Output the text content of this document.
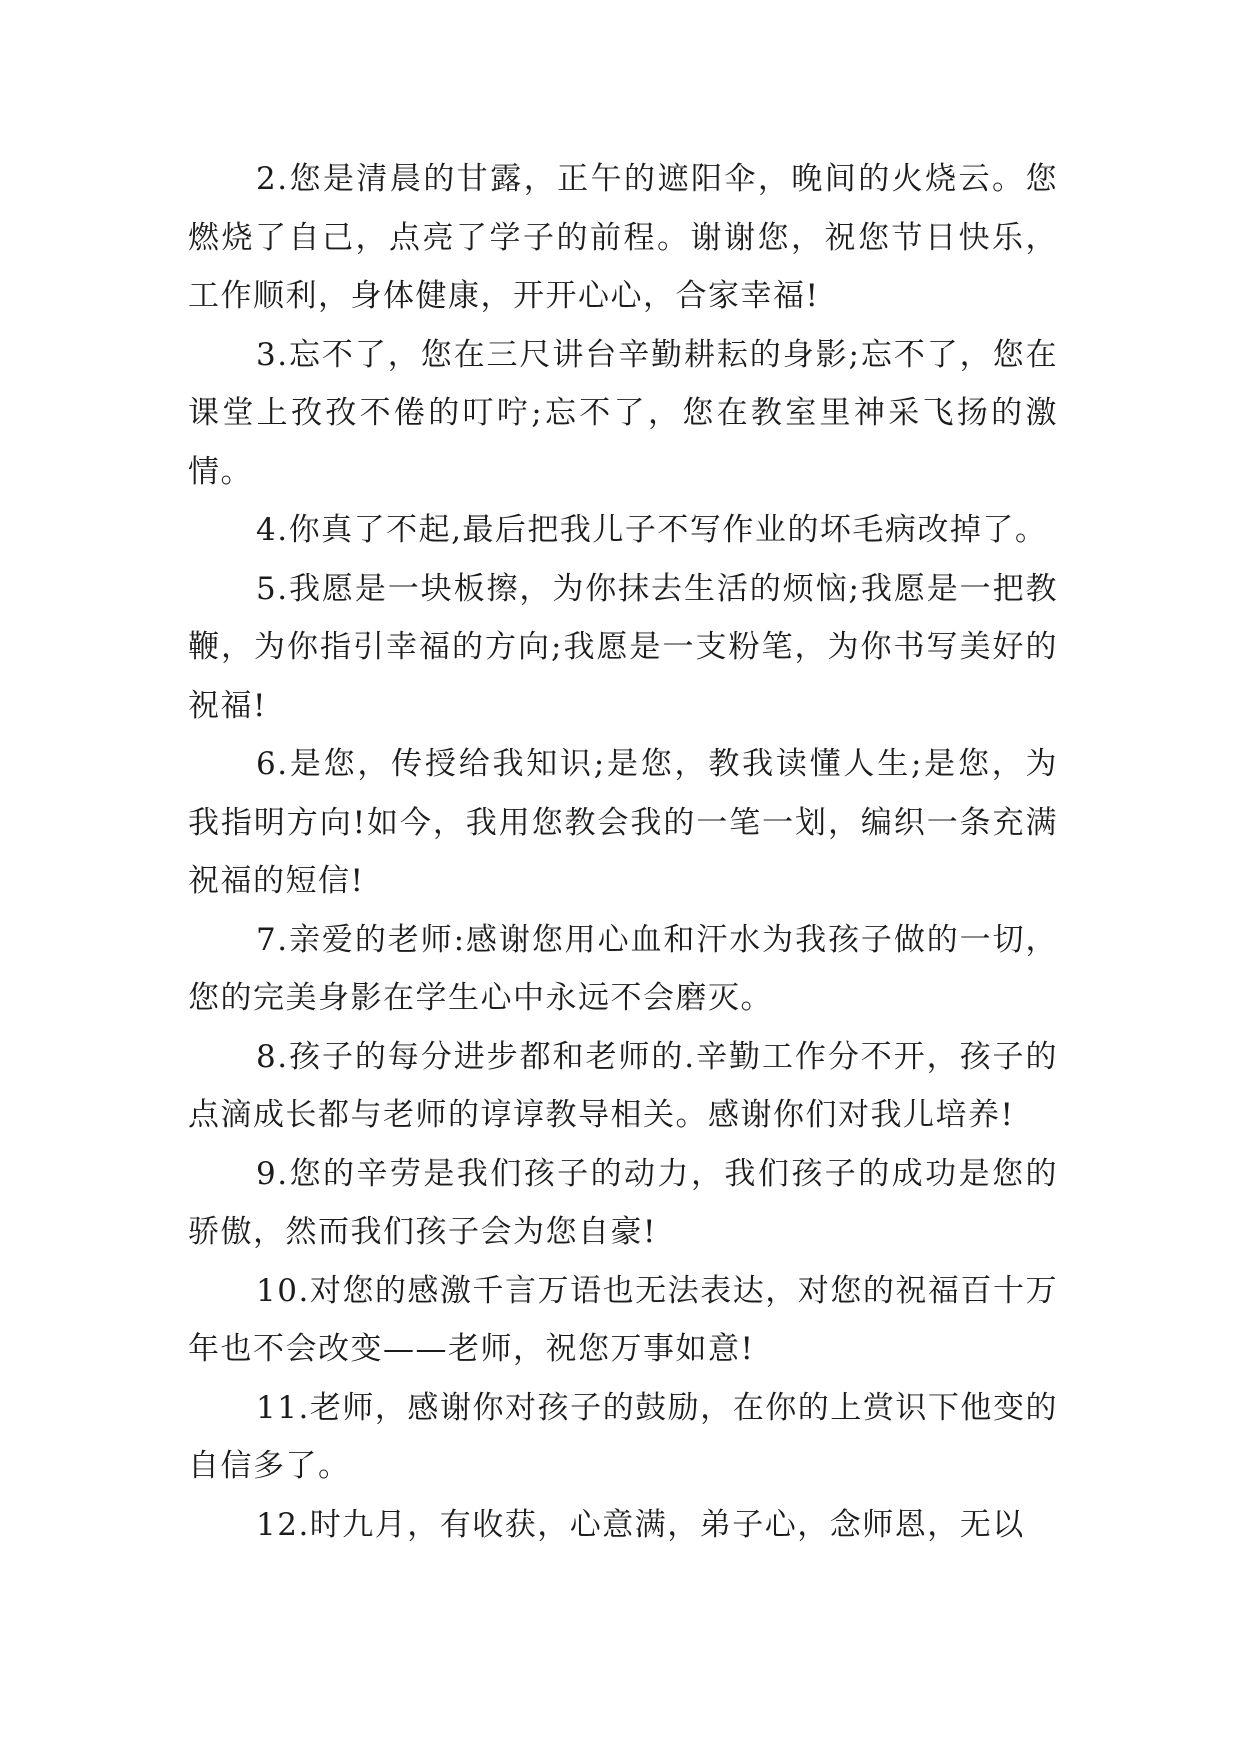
2.您是清晨的甘露，正午的遮阳伞，晚间的火烧云。您燃烧了自己，点亮了学子的前程。谢谢您，祝您节日快乐，工作顺利，身体健康，开开心心，合家幸福!

3.忘不了，您在三尺讲台辛勤耕耘的身影;忘不了，您在课堂上孜孜不倦的叮咛;忘不了，您在教室里神采飞扬的激情。

4.你真了不起,最后把我儿子不写作业的坏毛病改掉了。

5.我愿是一块板擦，为你抹去生活的烦恼;我愿是一把教鞭，为你指引幸福的方向;我愿是一支粉笔，为你书写美好的祝福!

6.是您，传授给我知识;是您，教我读懂人生;是您，为我指明方向!如今，我用您教会我的一笔一划，编织一条充满祝福的短信!

7.亲爱的老师:感谢您用心血和汗水为我孩子做的一切，您的完美身影在学生心中永远不会磨灭。

8.孩子的每分进步都和老师的.辛勤工作分不开，孩子的点滴成长都与老师的谆谆教导相关。感谢你们对我儿培养!

9.您的辛劳是我们孩子的动力，我们孩子的成功是您的骄傲，然而我们孩子会为您自豪!

10.对您的感激千言万语也无法表达，对您的祝福百十万年也不会改变——老师，祝您万事如意!

11.老师，感谢你对孩子的鼓励，在你的上赏识下他变的自信多了。

12.时九月，有收获，心意满，弟子心，念师恩，无以
